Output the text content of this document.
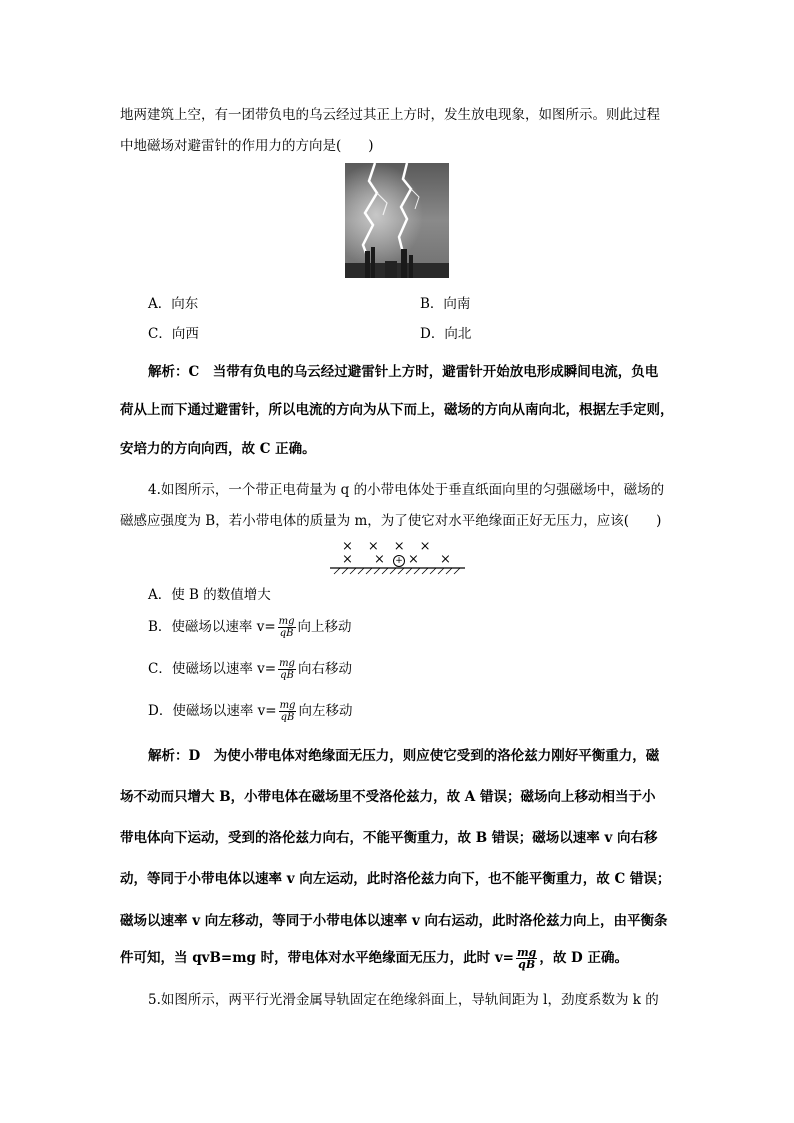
地两建筑上空，有一团带负电的乌云经过其正上方时，发生放电现象，如图所示。则此过程
中地磁场对避雷针的作用力的方向是(　　)
A．向东	B．向南
C．向西	D．向北
解析：C　当带有负电的乌云经过避雷针上方时，避雷针开始放电形成瞬间电流，负电
荷从上而下通过避雷针，所以电流的方向为从下而上，磁场的方向从南向北，根据左手定则，
安培力的方向向西，故 C 正确。
4.如图所示，一个带正电荷量为 q 的小带电体处于垂直纸面向里的匀强磁场中，磁场的
磁感应强度为 B，若小带电体的质量为 m，为了使它对水平绝缘面正好无压力，应该(　　)
×　×　×　×
× × + × ×
A．使 B 的数值增大
B．使磁场以速率 $v= \frac{mg}{qB}$ 向上移动
C．使磁场以速率 $v= \frac{mg}{qB}$ 向右移动
D．使磁场以速率 $v= \frac{mg}{qB}$ 向左移动
解析：D　为使小带电体对绝缘面无压力，则应使它受到的洛伦兹力刚好平衡重力，磁
场不动而只增大 B，小带电体在磁场里不受洛伦兹力，故 A 错误；磁场向上移动相当于小
带电体向下运动，受到的洛伦兹力向右，不能平衡重力，故 B 错误；磁场以速率 v 向右移
动，等同于小带电体以速率 v 向左运动，此时洛伦兹力向下，也不能平衡重力，故 C 错误；
磁场以速率 v 向左移动，等同于小带电体以速率 v 向右运动，此时洛伦兹力向上，由平衡条
件可知，当 qvB=mg 时，带电体对水平绝缘面无压力，此时 $v= \frac{mg}{qB}$ ，故 D 正确。
5.如图所示，两平行光滑金属导轨固定在绝缘斜面上，导轨间距为 l，劲度系数为 k 的
